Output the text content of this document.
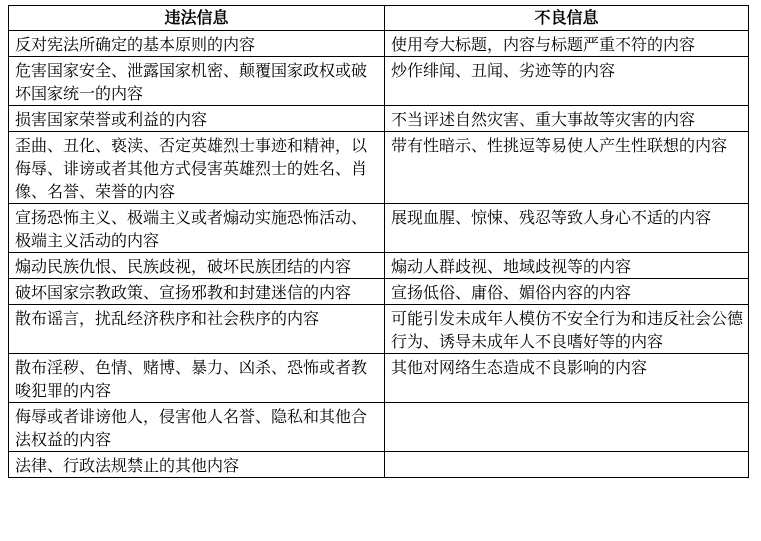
违法信息	不良信息
反对宪法所确定的基本原则的内容	使用夸大标题，内容与标题严重不符的内容
危害国家安全、泄露国家机密、颠覆国家政权或破坏国家统一的内容	炒作绯闻、丑闻、劣迹等的内容
损害国家荣誉或利益的内容	不当评述自然灾害、重大事故等灾害的内容
歪曲、丑化、亵渎、否定英雄烈士事迹和精神，以侮辱、诽谤或者其他方式侵害英雄烈士的姓名、肖像、名誉、荣誉的内容	带有性暗示、性挑逗等易使人产生性联想的内容
宣扬恐怖主义、极端主义或者煽动实施恐怖活动、极端主义活动的内容	展现血腥、惊悚、残忍等致人身心不适的内容
煽动民族仇恨、民族歧视，破坏民族团结的内容	煽动人群歧视、地域歧视等的内容
破坏国家宗教政策、宣扬邪教和封建迷信的内容	宣扬低俗、庸俗、媚俗内容的内容
散布谣言，扰乱经济秩序和社会秩序的内容	可能引发未成年人模仿不安全行为和违反社会公德行为、诱导未成年人不良嗜好等的内容
散布淫秽、色情、赌博、暴力、凶杀、恐怖或者教唆犯罪的内容	其他对网络生态造成不良影响的内容
侮辱或者诽谤他人，侵害他人名誉、隐私和其他合法权益的内容	
法律、行政法规禁止的其他内容	
